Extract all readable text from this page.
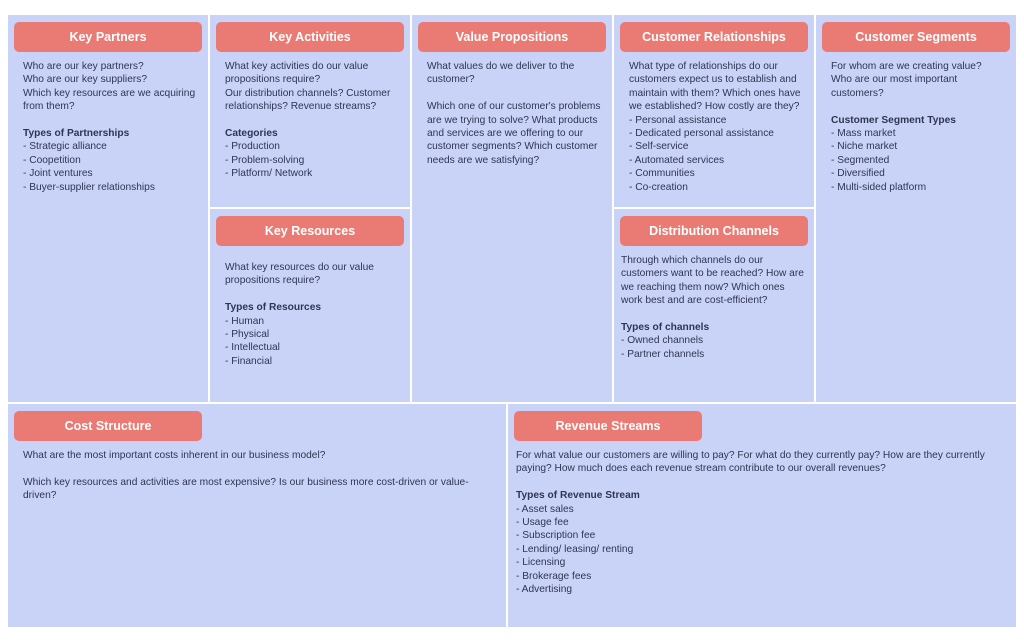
Key Partners

Who are our key partners?

Who are our key suppliers?

Which key resources are we acquiring from them?

Types of Partnerships

- Strategic alliance
- Coopetition
- Joint ventures
- Buyer-supplier relationships
Key Activities

What key activities do our value propositions require?

Our distribution channels? Customer relationships? Revenue streams?

Categories

- Production
- Problem-solving
- Platform/ Network
Key Resources

What key resources do our value propositions require?

Types of Resources

- Human
- Physical
- Intellectual
- Financial
Value Propositions

What values do we deliver to the customer?

Which one of our customer's problems are we trying to solve? What products and services are we offering to our customer segments? Which customer needs are we satisfying?

Customer Relationships

What type of relationships do our customers expect us to establish and maintain with them? Which ones have we established? How costly are they?

- Personal assistance
- Dedicated personal assistance
- Self-service
- Automated services
- Communities
- Co-creation
Distribution Channels

Through which channels do our customers want to be reached? How are we reaching them now? Which ones work best and are cost-efficient?

Types of channels

- Owned channels
- Partner channels
Customer Segments

For whom are we creating value?

Who are our most important customers?

Customer Segment Types

- Mass market
- Niche market
- Segmented
- Diversified
- Multi-sided platform
Cost Structure

What are the most important costs inherent in our business model?

Which key resources and activities are most expensive? Is our business more cost-driven or value-driven?

Revenue Streams

For what value our customers are willing to pay? For what do they currently pay? How are they currently paying? How much does each revenue stream contribute to our overall revenues?

Types of Revenue Stream

- Asset sales
- Usage fee
- Subscription fee
- Lending/ leasing/ renting
- Licensing
- Brokerage fees
- Advertising
